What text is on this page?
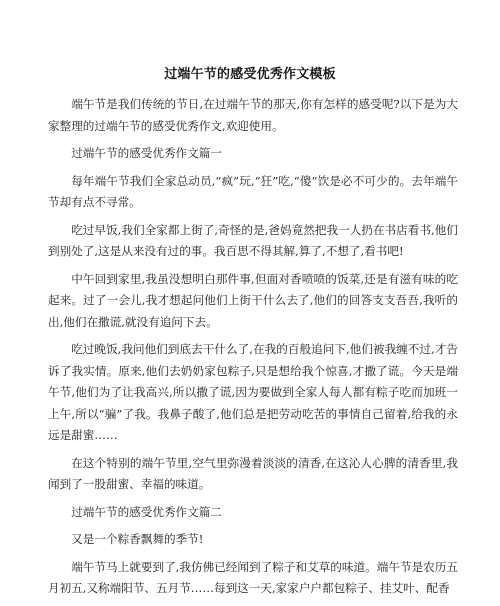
过端午节的感受优秀作文模板

端午节是我们传统的节日,在过端午节的那天,你有怎样的感受呢?以下是为大家整理的过端午节的感受优秀作文,欢迎使用。

过端午节的感受优秀作文篇一

每年端午节我们全家总动员,“疯”玩,“狂”吃,“傻”饮是必不可少的。去年端午节却有点不寻常。

吃过早饭,我们全家都上街了,奇怪的是,爸妈竟然把我一人扔在书店看书,他们到别处了,这是从来没有过的事。我百思不得其解,算了,不想了,看书吧!

中午回到家里,我虽没想明白那件事,但面对香喷喷的饭菜,还是有滋有味的吃起来。过了一会儿,我才想起问他们上街干什么去了,他们的回答支支吾吾,我听的出,他们在撒谎,就没有追问下去。

吃过晚饭,我问他们到底去干什么了,在我的百般追问下,他们被我缠不过,才告诉了我实情。原来,他们去奶奶家包粽子,只是想给我个惊喜,才撒了谎。今天是端午节,他们为了让我高兴,所以撒了谎,因为要做到全家人每人都有粽子吃而加班一上午,所以“骗”了我。我鼻子酸了,他们总是把劳动吃苦的事情自己留着,给我的永远是甜蜜……

在这个特别的端午节里,空气里弥漫着淡淡的清香,在这沁人心脾的清香里,我闻到了一股甜蜜、幸福的味道。

过端午节的感受优秀作文篇二

又是一个粽香飘舞的季节!

端午节马上就要到了,我仿佛已经闻到了粽子和艾草的味道。端午节是农历五月初五,又称端阳节、五月节……每到这一天,家家户户都包粽子、挂艾叶、配香
